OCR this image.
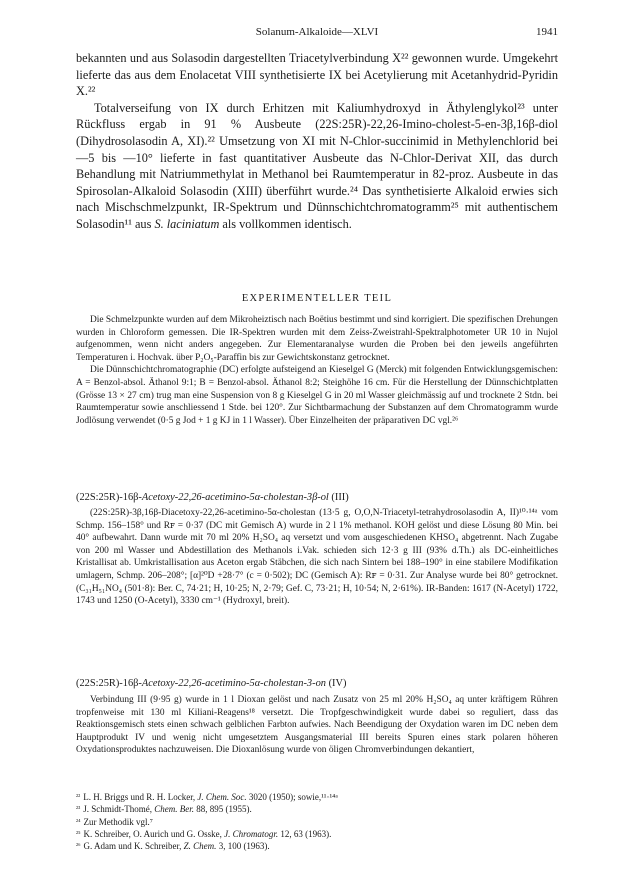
Solanum-Alkaloide—XLVI	1941

bekannten und aus Solasodin dargestellten Triacetylverbindung X²² gewonnen wurde. Umgekehrt lieferte das aus dem Enolacetat VIII synthetisierte IX bei Acetylierung mit Acetanhydrid-Pyridin X.²²

Totalverseifung von IX durch Erhitzen mit Kaliumhydroxyd in Äthylenglykol²³ unter Rückfluss ergab in 91 % Ausbeute (22S:25R)-22,26-Imino-cholest-5-en-3β,16β-diol (Dihydrosolasodin A, XI).²² Umsetzung von XI mit N-Chlor-succinimid in Methylenchlorid bei —5 bis —10° lieferte in fast quantitativer Ausbeute das N-Chlor-Derivat XII, das durch Behandlung mit Natriummethylat in Methanol bei Raumtemperatur in 82-proz. Ausbeute in das Spirosolan-Alkaloid Solasodin (XIII) überführt wurde.²⁴ Das synthetisierte Alkaloid erwies sich nach Mischschmelzpunkt, IR-Spektrum und Dünnschichtchromatogramm²⁵ mit authentischem Solasodin¹¹ aus S. laciniatum als vollkommen identisch.

EXPERIMENTELLER TEIL

Die Schmelzpunkte wurden auf dem Mikroheiztisch nach Boëtius bestimmt und sind korrigiert. Die spezifischen Drehungen wurden in Chloroform gemessen. Die IR-Spektren wurden mit dem Zeiss-Zweistrahl-Spektralphotometer UR 10 in Nujol aufgenommen, wenn nicht anders angegeben. Zur Elementaranalyse wurden die Proben bei den jeweils angeführten Temperaturen i. Hochvak. über P₂O₅-Paraffin bis zur Gewichtskonstanz getrocknet.

Die Dünnschichtchromatographie (DC) erfolgte aufsteigend an Kieselgel G (Merck) mit folgenden Entwicklungsgemischen: A = Benzol-absol. Äthanol 9:1; B = Benzol-absol. Äthanol 8:2; Steighöhe 16 cm. Für die Herstellung der Dünnschichtplatten (Grösse 13 × 27 cm) trug man eine Suspension von 8 g Kieselgel G in 20 ml Wasser gleichmässig auf und trocknete 2 Stdn. bei Raumtemperatur sowie anschliessend 1 Stde. bei 120°. Zur Sichtbarmachung der Substanzen auf dem Chromatogramm wurde Jodlösung verwendet (0·5 g Jod + 1 g KJ in 1 l Wasser). Über Einzelheiten der präparativen DC vgl.²⁶

(22S:25R)-16β-Acetoxy-22,26-acetimino-5α-cholestan-3β-ol (III)

(22S:25R)-3β,16β-Diacetoxy-22,26-acetimino-5α-cholestan (13·5 g, O,O,N-Triacetyl-tetrahydrosolasodin A, II)¹⁰·¹⁴ᵃ vom Schmp. 156–158° und Rꜰ = 0·37 (DC mit Gemisch A) wurde in 2 l 1% methanol. KOH gelöst und diese Lösung 80 Min. bei 40° aufbewahrt. Dann wurde mit 70 ml 20% H₂SO₄ aq versetzt und vom ausgeschiedenen KHSO₄ abgetrennt. Nach Zugabe von 200 ml Wasser und Abdestillation des Methanols i.Vak. schieden sich 12·3 g III (93% d.Th.) als DC-einheitliches Kristallisat ab. Umkristallisation aus Aceton ergab Stäbchen, die sich nach Sintern bei 188–190° in eine stabilere Modifikation umlagern, Schmp. 206–208°; [α]²⁰D +28·7° (c = 0·502); DC (Gemisch A): Rꜰ = 0·31. Zur Analyse wurde bei 80° getrocknet. (C₃₁H₅₁NO₄ (501·8): Ber. C, 74·21; H, 10·25; N, 2·79; Gef. C, 73·21; H, 10·54; N, 2·61%). IR-Banden: 1617 (N-Acetyl) 1722, 1743 und 1250 (O-Acetyl), 3330 cm⁻¹ (Hydroxyl, breit).

(22S:25R)-16β-Acetoxy-22,26-acetimino-5α-cholestan-3-on (IV)

Verbindung III (9·95 g) wurde in 1 l Dioxan gelöst und nach Zusatz von 25 ml 20% H₂SO₄ aq unter kräftigem Rühren tropfenweise mit 130 ml Kiliani-Reagens¹⁸ versetzt. Die Tropfgeschwindigkeit wurde dabei so reguliert, dass das Reaktionsgemisch stets einen schwach gelblichen Farbton aufwies. Nach Beendigung der Oxydation waren im DC neben dem Hauptprodukt IV und wenig nicht umgesetztem Ausgangsmaterial III bereits Spuren eines stark polaren höheren Oxydationsproduktes nachzuweisen. Die Dioxanlösung wurde von öligen Chromverbindungen dekantiert,

$^{^{22}}$ L. H. Briggs und R. H. Locker, J. Chem. Soc. 3020 (1950); sowie,¹¹·¹⁴ᵃ
$^{^{23}}$ J. Schmidt-Thomé, Chem. Ber. 88, 895 (1955).
$^{^{24}}$ Zur Methodik vgl.⁷
$^{^{25}}$ K. Schreiber, O. Aurich und G. Osske, J. Chromatogr. 12, 63 (1963).
$^{^{26}}$ G. Adam und K. Schreiber, Z. Chem. 3, 100 (1963).
